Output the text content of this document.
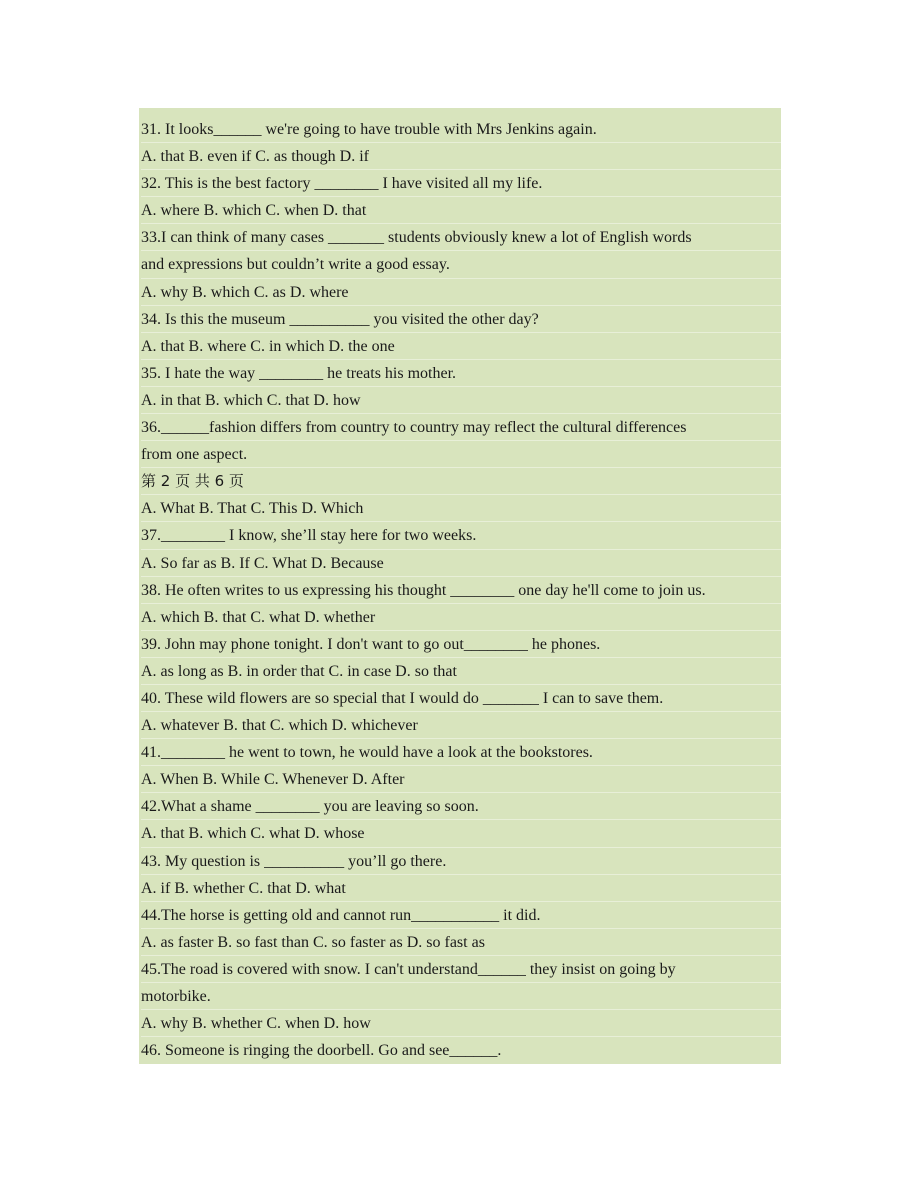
31. It looks______ we're going to have trouble with Mrs Jenkins again.
A. that B. even if C. as though D. if
32. This is the best factory ________ I have visited all my life.
A. where B. which C. when D. that
33.I can think of many cases _______ students obviously knew a lot of English words
and expressions but couldn’t write a good essay.
A. why B. which C. as D. where
34. Is this the museum __________ you visited the other day?
A. that B. where C. in which D. the one
35. I hate the way ________ he treats his mother.
A. in that B. which C. that D. how
36.______fashion differs from country to country may reflect the cultural differences
from one aspect.
第 2 页 共 6 页
A. What B. That C. This D. Which
37.________ I know, she’ll stay here for two weeks.
A. So far as B. If C. What D. Because
38. He often writes to us expressing his thought ________ one day he'll come to join us.
A. which B. that C. what D. whether
39. John may phone tonight. I don't want to go out________ he phones.
A. as long as B. in order that C. in case D. so that
40. These wild flowers are so special that I would do _______ I can to save them.
A. whatever B. that C. which D. whichever
41.________ he went to town, he would have a look at the bookstores.
A. When B. While C. Whenever D. After
42.What a shame ________ you are leaving so soon.
A. that B. which C. what D. whose
43. My question is __________ you’ll go there.
A. if B. whether C. that D. what
44.The horse is getting old and cannot run___________ it did.
A. as faster B. so fast than C. so faster as D. so fast as
45.The road is covered with snow. I can't understand______ they insist on going by
motorbike.
A. why B. whether C. when D. how
46. Someone is ringing the doorbell. Go and see______.
